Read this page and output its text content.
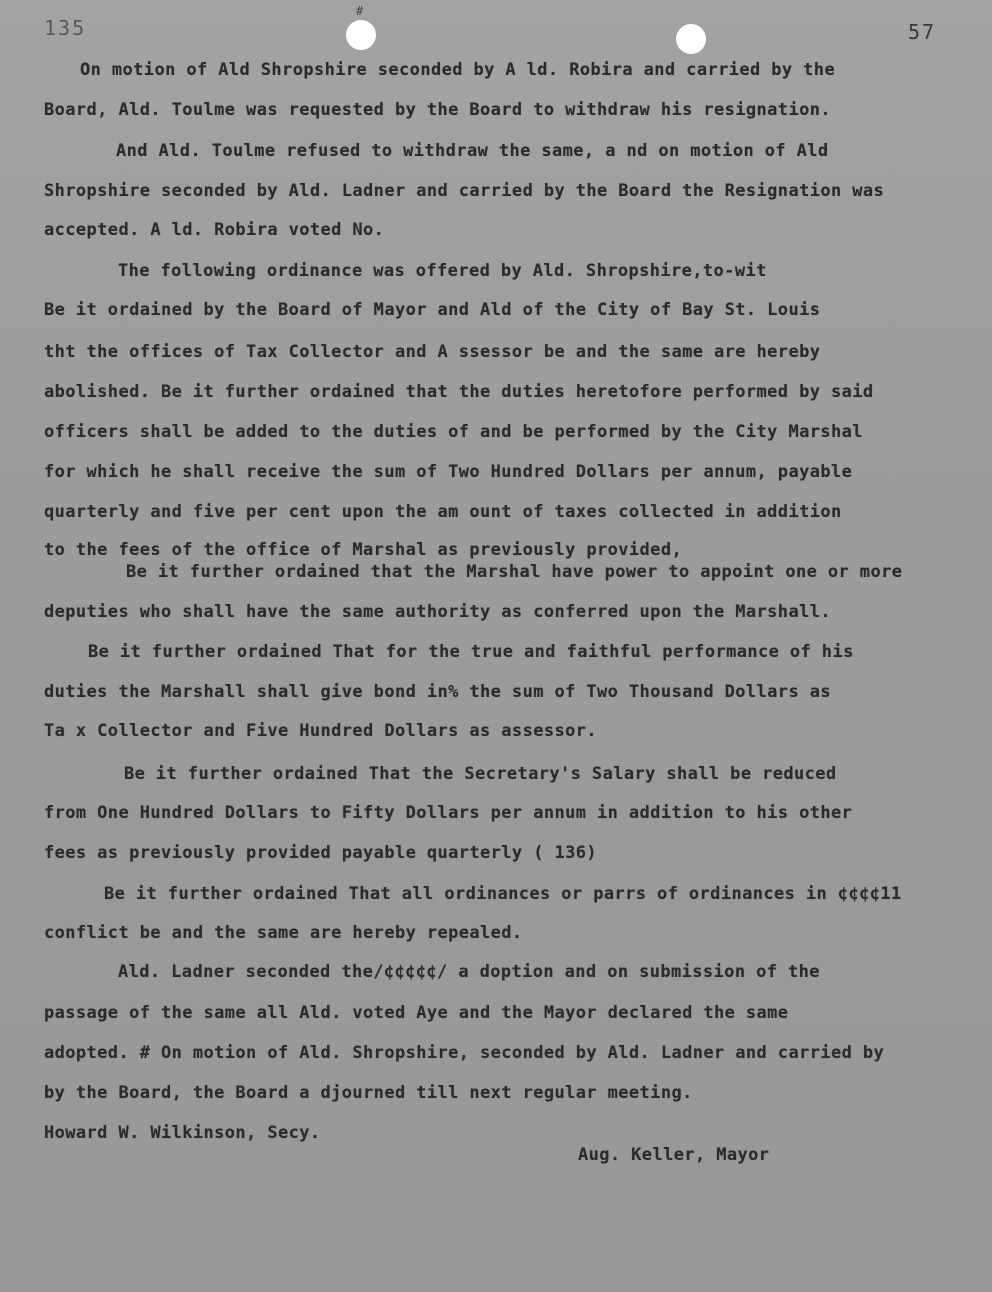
135	57
#
On motion of Ald Shropshire seconded by A ld. Robira and carried by the
Board, Ald. Toulme was requested by the Board to withdraw his resignation.
And Ald. Toulme refused to withdraw the same, a nd on motion of Ald
Shropshire seconded by Ald. Ladner and carried by the Board the Resignation was
accepted. A ld. Robira voted No.
The following ordinance was offered by Ald. Shropshire,to-wit
Be it ordained by the Board of Mayor and Ald of the City of Bay St. Louis
tht the offices of Tax Collector and A ssessor be and the same are hereby
abolished. Be it further ordained that the duties heretofore performed by said
officers shall be added to the duties of and be performed by the City Marshal
for which he shall receive the sum of Two Hundred Dollars per annum, payable
quarterly and five per cent upon the am ount of taxes collected in addition
to the fees of the office of Marshal as previously provided,
Be it further ordained that the Marshal have power to appoint one or more
deputies who shall have the same authority as conferred upon the Marshall.
Be it further ordained That for the true and faithful performance of his
duties the Marshall shall give bond in% the sum of Two Thousand Dollars as
Ta x Collector and Five Hundred Dollars as assessor.
Be it further ordained That the Secretary's Salary shall be reduced
from One Hundred Dollars to Fifty Dollars per annum in addition to his other
fees as previously provided payable quarterly ( 136)
Be it further ordained That all ordinances or parrs of ordinances in ¢¢¢¢11
conflict be and the same are hereby repealed.
Ald. Ladner seconded the/¢¢¢¢¢/ a doption and on submission of the
passage of the same all Ald. voted Aye and the Mayor declared the same
adopted. # On motion of Ald. Shropshire, seconded by Ald. Ladner and carried by
by the Board, the Board a djourned till next regular meeting.
Howard W. Wilkinson, Secy.
Aug. Keller, Mayor
